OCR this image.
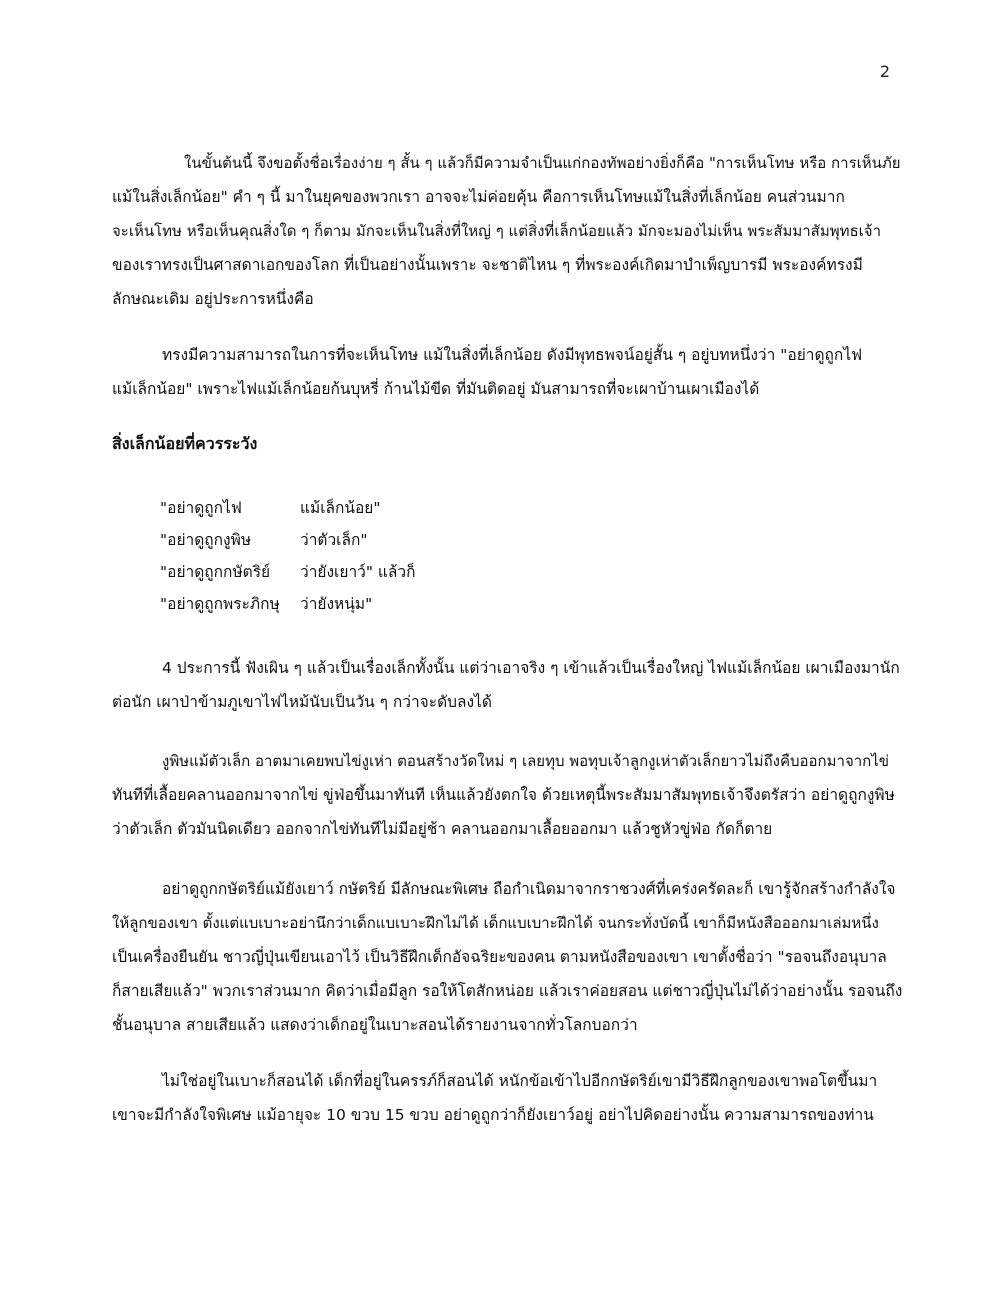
2
ในขั้นต้นนี้ จึงขอตั้งชื่อเรื่องง่าย ๆ สั้น ๆ แล้วก็มีความจำเป็นแก่กองทัพอย่างยิ่งก็คือ "การเห็นโทษ หรือ การเห็นภัย
แม้ในสิ่งเล็กน้อย" คำ ๆ นี้ มาในยุคของพวกเรา อาจจะไม่ค่อยคุ้น คือการเห็นโทษแม้ในสิ่งที่เล็กน้อย คนส่วนมาก
จะเห็นโทษ หรือเห็นคุณสิ่งใด ๆ ก็ตาม มักจะเห็นในสิ่งที่ใหญ่ ๆ แต่สิ่งที่เล็กน้อยแล้ว มักจะมองไม่เห็น พระสัมมาสัมพุทธเจ้า
ของเราทรงเป็นศาสดาเอกของโลก ที่เป็นอย่างนั้นเพราะ จะชาติไหน ๆ ที่พระองค์เกิดมาบำเพ็ญบารมี พระองค์ทรงมี
ลักษณะเดิม อยู่ประการหนึ่งคือ
ทรงมีความสามารถในการที่จะเห็นโทษ แม้ในสิ่งที่เล็กน้อย ดังมีพุทธพจน์อยู่สั้น ๆ อยู่บทหนึ่งว่า "อย่าดูถูกไฟ
แม้เล็กน้อย" เพราะไฟแม้เล็กน้อยก้นบุหรี่ ก้านไม้ขีด ที่มันติดอยู่ มันสามารถที่จะเผาบ้านเผาเมืองได้
สิ่งเล็กน้อยที่ควรระวัง
"อย่าดูถูกไฟ	แม้เล็กน้อย"
"อย่าดูถูกงูพิษ	ว่าตัวเล็ก"
"อย่าดูถูกกษัตริย์	ว่ายังเยาว์" แล้วก็
"อย่าดูถูกพระภิกษุ	ว่ายังหนุ่ม"
4 ประการนี้ ฟังเผิน ๆ แล้วเป็นเรื่องเล็กทั้งนั้น แต่ว่าเอาจริง ๆ เข้าแล้วเป็นเรื่องใหญ่ ไฟแม้เล็กน้อย เผาเมืองมานัก
ต่อนัก เผาป่าข้ามภูเขาไฟไหม้นับเป็นวัน ๆ กว่าจะดับลงได้
งูพิษแม้ตัวเล็ก อาตมาเคยพบไข่งูเห่า ตอนสร้างวัดใหม่ ๆ เลยทุบ พอทุบเจ้าลูกงูเห่าตัวเล็กยาวไม่ถึงคืบออกมาจากไข่
ทันทีที่เลื้อยคลานออกมาจากไข่ ขู่ฟ่อขึ้นมาทันที เห็นแล้วยังตกใจ ด้วยเหตุนี้พระสัมมาสัมพุทธเจ้าจึงตรัสว่า อย่าดูถูกงูพิษ
ว่าตัวเล็ก ตัวมันนิดเดียว ออกจากไข่ทันทีไม่มีอยู่ช้า คลานออกมาเลื้อยออกมา แล้วชูหัวขู่ฟ่อ กัดก็ตาย
อย่าดูถูกกษัตริย์แม้ยังเยาว์ กษัตริย์ มีลักษณะพิเศษ ถือกำเนิดมาจากราชวงศ์ที่เคร่งครัดละก็ เขารู้จักสร้างกำลังใจ
ให้ลูกของเขา ตั้งแต่แบเบาะอย่านึกว่าเด็กแบเบาะฝึกไม่ได้ เด็กแบเบาะฝึกได้ จนกระทั่งบัดนี้ เขาก็มีหนังสือออกมาเล่มหนึ่ง
เป็นเครื่องยืนยัน ชาวญี่ปุ่นเขียนเอาไว้ เป็นวิธีฝึกเด็กอัจฉริยะของคน ตามหนังสือของเขา เขาตั้งชื่อว่า "รอจนถึงอนุบาล
ก็สายเสียแล้ว" พวกเราส่วนมาก คิดว่าเมื่อมีลูก รอให้โตสักหน่อย แล้วเราค่อยสอน แต่ชาวญี่ปุ่นไม่ได้ว่าอย่างนั้น รอจนถึง
ชั้นอนุบาล สายเสียแล้ว แสดงว่าเด็กอยู่ในเบาะสอนได้รายงานจากทั่วโลกบอกว่า
ไม่ใช่อยู่ในเบาะก็สอนได้ เด็กที่อยู่ในครรภ์ก็สอนได้ หนักข้อเข้าไปอีกกษัตริย์เขามีวิธีฝึกลูกของเขาพอโตขึ้นมา
เขาจะมีกำลังใจพิเศษ แม้อายุจะ 10 ขวบ 15 ขวบ อย่าดูถูกว่าก็ยังเยาว์อยู่ อย่าไปคิดอย่างนั้น ความสามารถของท่าน
